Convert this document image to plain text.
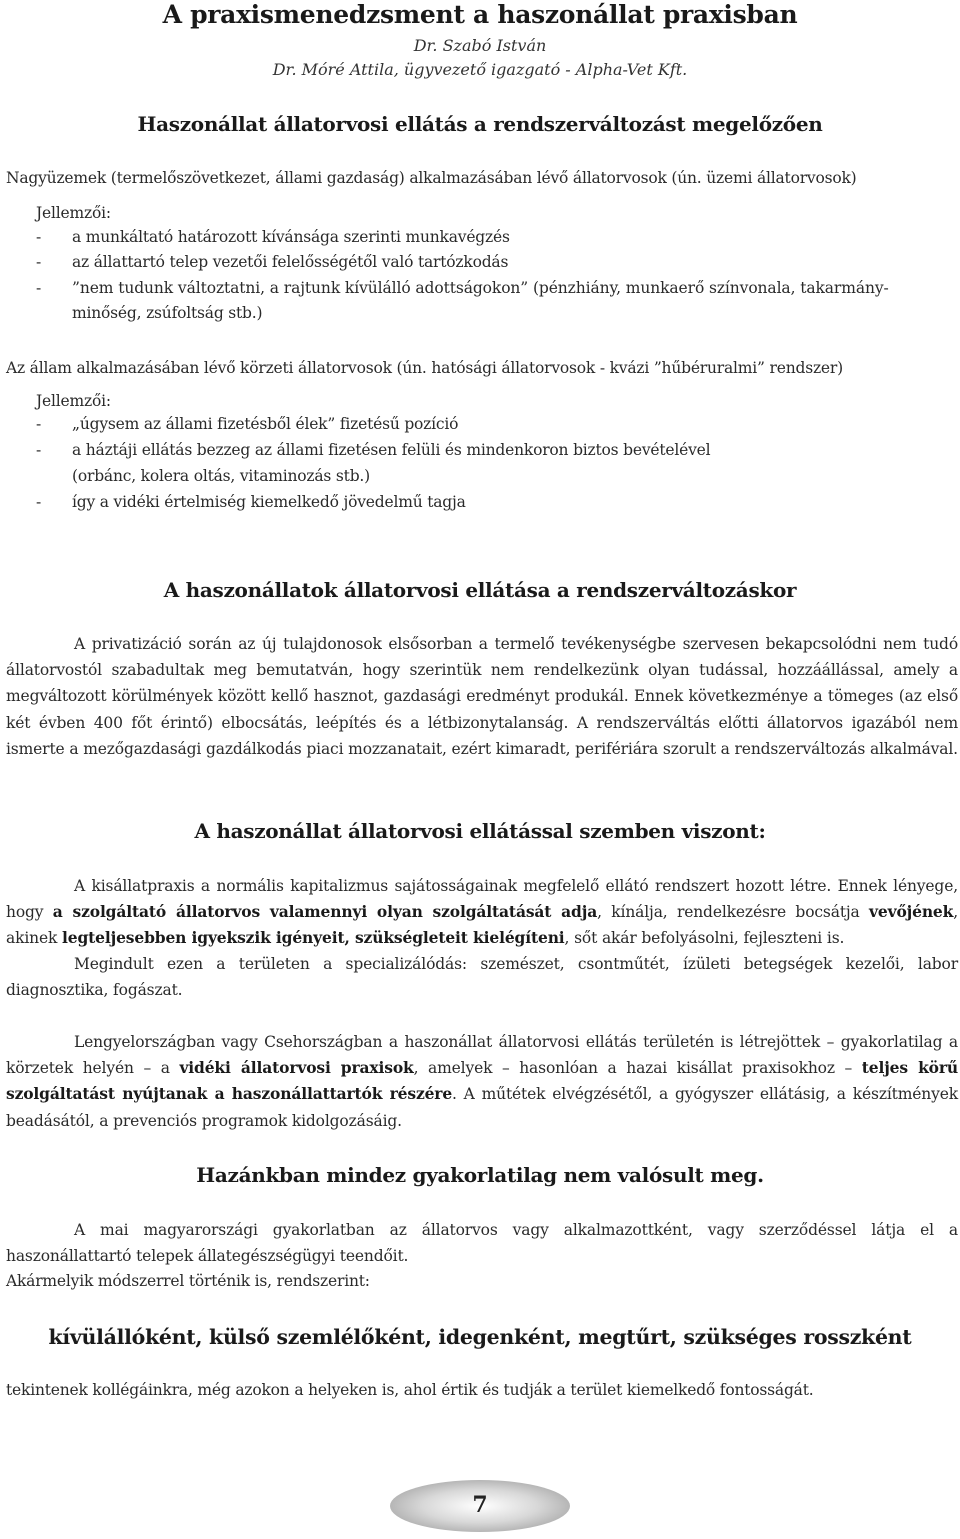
A praxismenedzsment a haszonállat praxisban
Dr. Szabó István
Dr. Móré Attila, ügyvezető igazgató - Alpha-Vet Kft.
Haszonállat állatorvosi ellátás a rendszerváltozást megelőzően
Nagyüzemek (termelőszövetkezet, állami gazdaság) alkalmazásában lévő állatorvosok (ún. üzemi állatorvosok)
Jellemzői:
- a munkáltató határozott kívánsága szerinti munkavégzés
- az állattartó telep vezetői felelősségétől való tartózkodás
- ”nem tudunk változtatni, a rajtunk kívülálló adottságokon” (pénzhiány, munkaerő színvonala, takarmány-
minőség, zsúfoltság stb.)
Az állam alkalmazásában lévő körzeti állatorvosok (ún. hatósági állatorvosok - kvázi ”hűbéruralmi” rendszer)
Jellemzői:
- „úgysem az állami fizetésből élek” fizetésű pozíció
- a háztáji ellátás bezzeg az állami fizetésen felüli és mindenkoron biztos bevételével
(orbánc, kolera oltás, vitaminozás stb.)
- így a vidéki értelmiség kiemelkedő jövedelmű tagja
A haszonállatok állatorvosi ellátása a rendszerváltozáskor
A privatizáció során az új tulajdonosok elsősorban a termelő tevékenységbe szervesen bekapcsolódni nem tudó állatorvostól szabadultak meg bemutatván, hogy szerintük nem rendelkezünk olyan tudással, hozzáállással, amely a megváltozott körülmények között kellő hasznot, gazdasági eredményt produkál. Ennek következménye a tömeges (az első két évben 400 főt érintő) elbocsátás, leépítés és a létbizonytalanság. A rendszerváltás előtti állatorvos igazából nem ismerte a mezőgazdasági gazdálkodás piaci mozzanatait, ezért kimaradt, perifériára szorult a rendszerváltozás alkalmával.
A haszonállat állatorvosi ellátással szemben viszont:
A kisállatpraxis a normális kapitalizmus sajátosságainak megfelelő ellátó rendszert hozott létre. Ennek lényege, hogy a szolgáltató állatorvos valamennyi olyan szolgáltatását adja, kínálja, rendelkezésre bocsátja vevőjének, akinek legteljesebben igyekszik igényeit, szükségleteit kielégíteni, sőt akár befolyásolni, fejleszteni is.
Megindult ezen a területen a specializálódás: szemészet, csontműtét, ízületi betegségek kezelői, labor diagnosztika, fogászat.
Lengyelországban vagy Csehországban a haszonállat állatorvosi ellátás területén is létrejöttek – gyakorlatilag a körzetek helyén – a vidéki állatorvosi praxisok, amelyek – hasonlóan a hazai kisállat praxisokhoz – teljes körű szolgáltatást nyújtanak a haszonállattartók részére. A műtétek elvégzésétől, a gyógyszer ellátásig, a készítmények beadásától, a prevenciós programok kidolgozásáig.
Hazánkban mindez gyakorlatilag nem valósult meg.
A mai magyarországi gyakorlatban az állatorvos vagy alkalmazottként, vagy szerződéssel látja el a haszonállattartó telepek állategészségügyi teendőit.
Akármelyik módszerrel történik is, rendszerint:
kívülállóként, külső szemlélőként, idegenként, megtűrt, szükséges rosszként
tekintenek kollégáinkra, még azokon a helyeken is, ahol értik és tudják a terület kiemelkedő fontosságát.
7
